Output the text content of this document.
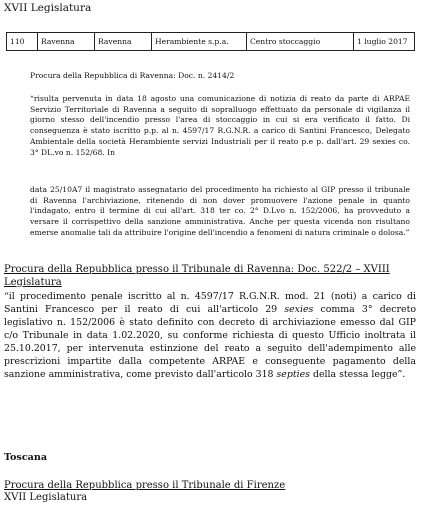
XVII Legislatura
110	Ravenna	Ravenna	Herambiente s.p.a.	Centro stoccaggio	1 luglio 2017
Procura della Repubblica di Ravenna: Doc. n. 2414/2
“risulta pervenuta in data 18 agosto una comunicazione di notizia di reato da parte di ARPAE Servizio Territoriale di Ravenna a seguito di sopralluogo effettuato da personale di vigilanza il giorno stesso dell'incendio presso l'area di stoccaggio in cui si era verificato il fatto. Di conseguenza è stato iscritto p.p. al n. 4597/17 R.G.N.R. a carico di Santini Francesco, Delegato Ambientale della società Herambiente servizi Industriali per il reato p.e p. dall'art. 29 sexies co. 3° DL.vo n. 152/68. In
data 25/10A7 il magistrato assegnatario del procedimento ha richiesto al GIP presso il tribunale di Ravenna l'archiviazione, ritenendo di non dover promuovere l'azione penale in quanto l'indagato, entro il termine di cui all'art. 318 ter co. 2° D.Lvo n. 152/2006, ha provveduto a versare il corrispettivo della sanzione amministrativa. Anche per questa vicenda non risultano emerse anomalie tali da attribuire l'origine dell'incendio a fenomeni di natura criminale o dolosa.”
Procura della Repubblica presso il Tribunale di Ravenna: Doc. 522/2 – XVIII Legislatura
“il procedimento penale iscritto al n. 4597/17 R.G.N.R. mod. 21 (noti) a carico di Santini Francesco per il reato di cui all'articolo 29 sexies comma 3° decreto legislativo n. 152/2006 è stato definito con decreto di archiviazione emesso dal GIP c/o Tribunale in data 1.02.2020, su conforme richiesta di questo Ufficio inoltrata il 25.10.2017, per intervenuta estinzione del reato a seguito dell'adempimento alle prescrizioni impartite dalla competente ARPAE e conseguente pagamento della sanzione amministrativa, come previsto dall'articolo 318 septies della stessa legge”.
Toscana
Procura della Repubblica presso il Tribunale di Firenze
XVII Legislatura
